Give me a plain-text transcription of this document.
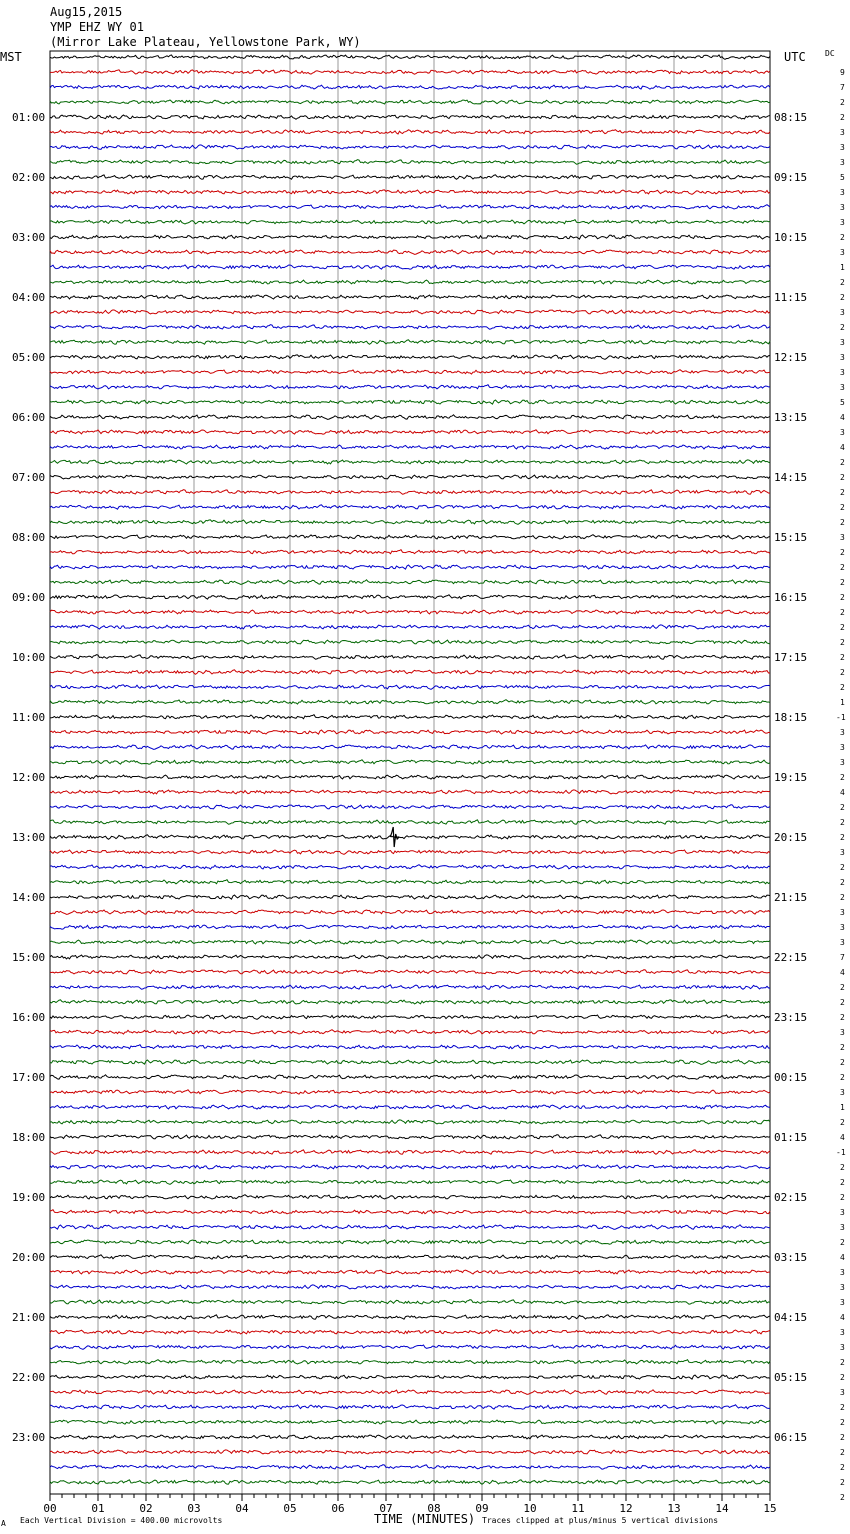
Aug15,2015
YMP EHZ WY 01
(Mirror Lake Plateau, Yellowstone Park, WY)
MST	UTC DC
01:00
02:00
03:00
04:00
05:00
06:00
07:00
08:00
09:00
10:00
11:00
12:00
13:00
14:00
15:00
16:00
17:00
18:00
19:00
20:00
21:00
22:00
23:00
08:15
09:15
10:15
11:15
12:15
13:15
14:15
15:15
16:15
17:15
18:15
19:15
20:15
21:15
22:15
23:15
00:15
01:15
02:15
03:15
04:15
05:15
06:15
9
7
2
2
3
3
3
5
3
3
3
2
3
1
2
2
3
2
3
3
3
3
5
4
3
4
2
2
2
2
2
3
2
2
2
2
2
2
2
2
2
2
1
-1
3
3
3
2
4
2
2
2
3
2
2
2
3
3
3
7
4
2
2
2
3
2
2
2
3
1
2
4
-1
2
2
2
3
3
2
4
3
3
3
4
3
3
2
2
3
2
2
2
2
2
2
2
00	01	02	03	04	05	06	07	08	09	10	11	12	13	14	15
TIME (MINUTES)
Each Vertical Division = 400.00 microvolts	Traces clipped at plus/minus 5 vertical divisions
A
